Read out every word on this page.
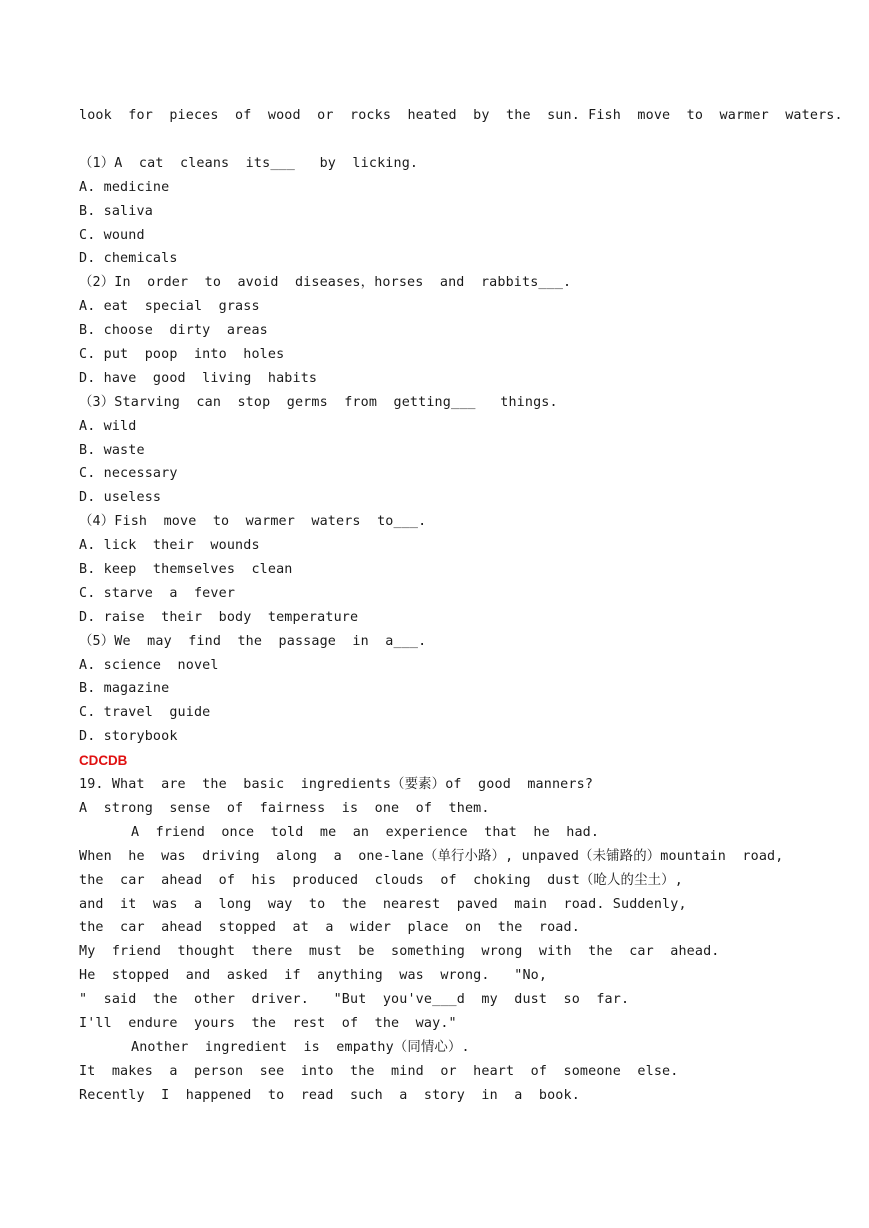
look  for  pieces  of  wood  or  rocks  heated  by  the  sun. Fish  move  to  warmer  waters.
（1）A  cat  cleans  its___   by  licking.
A. medicine
B. saliva
C. wound
D. chemicals
（2）In  order  to  avoid  diseases，horses  and  rabbits___.
A. eat  special  grass
B. choose  dirty  areas
C. put  poop  into  holes
D. have  good  living  habits
（3）Starving  can  stop  germs  from  getting___   things.
A. wild
B. waste
C. necessary
D. useless
（4）Fish  move  to  warmer  waters  to___.
A. lick  their  wounds
B. keep  themselves  clean
C. starve  a  fever
D. raise  their  body  temperature
（5）We  may  find  the  passage  in  a___.
A. science  novel
B. magazine
C. travel  guide
D. storybook
CDCDB
19. What  are  the  basic  ingredients（要素）of  good  manners?
A  strong  sense  of  fairness  is  one  of  them.
A  friend  once  told  me  an  experience  that  he  had.
When  he  was  driving  along  a  one-lane（单行小路）, unpaved（未铺路的）mountain  road,
the  car  ahead  of  his  produced  clouds  of  choking  dust（呛人的尘土）,
and  it  was  a  long  way  to  the  nearest  paved  main  road. Suddenly,
the  car  ahead  stopped  at  a  wider  place  on  the  road.
My  friend  thought  there  must  be  something  wrong  with  the  car  ahead.
He  stopped  and  asked  if  anything  was  wrong.   "No,
"  said  the  other  driver.   "But  you've___d  my  dust  so  far.
I'll  endure  yours  the  rest  of  the  way."
Another  ingredient  is  empathy（同情心）.
It  makes  a  person  see  into  the  mind  or  heart  of  someone  else.
Recently  I  happened  to  read  such  a  story  in  a  book.
